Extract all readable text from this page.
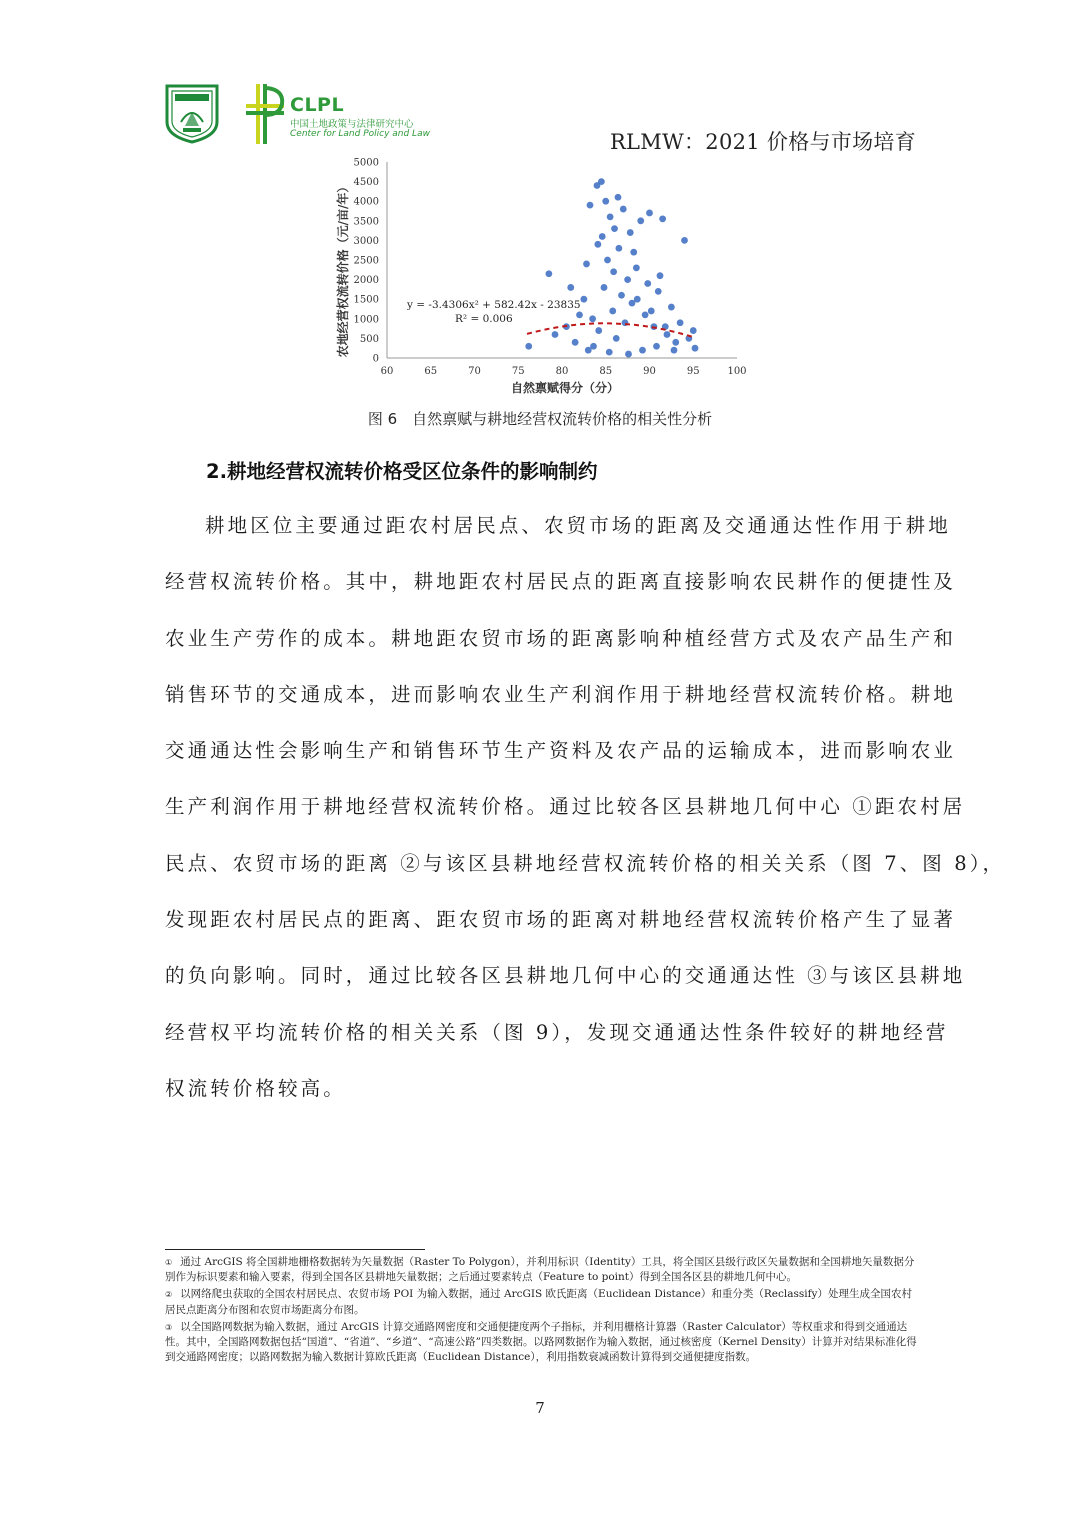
CLPL
中国土地政策与法律研究中心
Center for Land Policy and Law	RLMW：2021 价格与市场培育
0
500
1000
1500
2000
2500
3000
3500
4000
4500
5000
60	65	70	75	80	85	90	95	100
y = -3.4306x² + 582.42x - 23835
R² = 0.006
农地经营权流转价格（元/亩/年）
自然禀赋得分（分）
图 6　自然禀赋与耕地经营权流转价格的相关性分析
2.耕地经营权流转价格受区位条件的影响制约
耕地区位主要通过距农村居民点、农贸市场的距离及交通通达性作用于耕地
经营权流转价格。其中，耕地距农村居民点的距离直接影响农民耕作的便捷性及
农业生产劳作的成本。耕地距农贸市场的距离影响种植经营方式及农产品生产和
销售环节的交通成本，进而影响农业生产利润作用于耕地经营权流转价格。耕地
交通通达性会影响生产和销售环节生产资料及农产品的运输成本，进而影响农业
生产利润作用于耕地经营权流转价格。通过比较各区县耕地几何中心 ①距农村居
民点、农贸市场的距离 ②与该区县耕地经营权流转价格的相关关系（图 7、图 8），
发现距农村居民点的距离、距农贸市场的距离对耕地经营权流转价格产生了显著
的负向影响。同时，通过比较各区县耕地几何中心的交通通达性 ③与该区县耕地
经营权平均流转价格的相关关系（图 9），发现交通通达性条件较好的耕地经营
权流转价格较高。
① 通过 ArcGIS 将全国耕地栅格数据转为矢量数据（Raster To Polygon），并利用标识（Identity）工具，将全国区县级行政区矢量数据和全国耕地矢量数据分别作为标识要素和输入要素，得到全国各区县耕地矢量数据；之后通过要素转点（Feature to point）得到全国各区县的耕地几何中心。
② 以网络爬虫获取的全国农村居民点、农贸市场 POI 为输入数据，通过 ArcGIS 欧氏距离（Euclidean Distance）和重分类（Reclassify）处理生成全国农村居民点距离分布图和农贸市场距离分布图。
③ 以全国路网数据为输入数据，通过 ArcGIS 计算交通路网密度和交通便捷度两个子指标，并利用栅格计算器（Raster Calculator）等权重求和得到交通通达性。其中，全国路网数据包括“国道”、“省道”、“乡道”、“高速公路”四类数据。以路网数据作为输入数据，通过核密度（Kernel Density）计算并对结果标准化得到交通路网密度；以路网数据为输入数据计算欧氏距离（Euclidean Distance），利用指数衰减函数计算得到交通便捷度指数。
7
